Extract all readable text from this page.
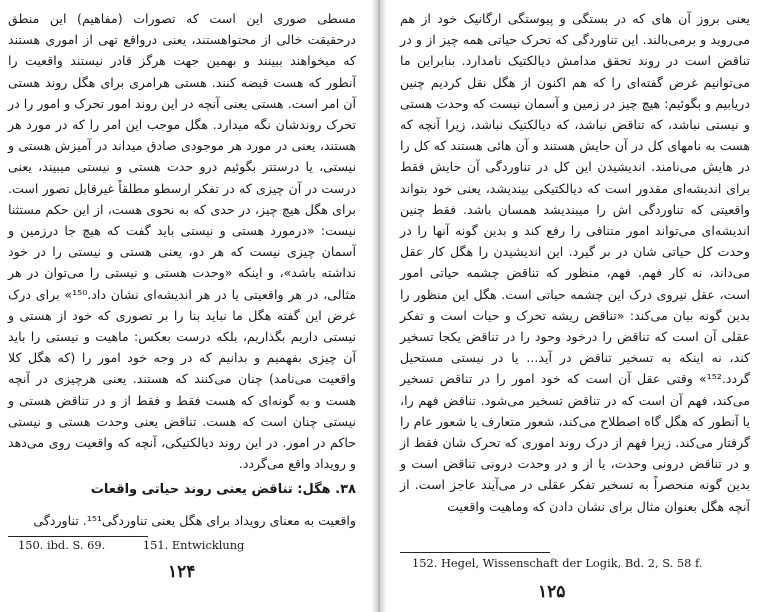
مسطی صوری این است که تصورات (مفاهیم) این منطق درحقیقت خالی از محتواهستند، یعنی درواقع تهی از اموری هستند که میخواهند ببینند و بهمین جهت هرگز قادر نیستند واقعیت را آنطور که هست قبضه کنند. هستی هرامری برای هگل روند هستی آن امر است. هستی یعنی آنچه در این روند امور تحرک و امور را در تحرک روندشان نگه میدارد. هگل موجب این امر را که در مورد هر هستند، یعنی در مورد هر موجودی صادق میداند در آمیزش هستی و نیستی، یا درستتر بگوئیم درو حدت هستی و نیستی میبیند، یعنی درست در آن چیزی که در تفکر ارسطو مطلقاً غیرقابل تصور است. برای هگل هیچ چیز، در حدی که به نحوی هست، از این حکم مستثنا نیست: «درمورد هستی و نیستی باید گفت که هیچ جا درزمین و آسمان چیزی نیست که هر دو، یعنی هستی و نیستی را در خود نداشته باشد»، و اینکه «وحدت هستی و نیستی را می‌توان در هر مثالی، در هر واقعیتی یا در هر اندیشه‌ای نشان داد.¹⁵⁰» برای درک غرض این گفته هگل ما نباید بنا را بر تصوری که خود از هستی و نیستی داریم بگذاریم، بلکه درست بعکس: ماهیت و نیستی را باید آن چیزی بفهمیم و بدانیم که در وجه خود امور را (که هگل کلا واقعیت می‌نامد) چنان می‌کنند که هستند. یعنی هرچیزی در آنچه هست و به گونه‌ای که هست فقط و فقط از و در تناقض هستی و نیستی چنان است که هست. تناقض یعنی وحدت هستی و نیستی حاکم در امور. در این روند دیالکتیکی، آنچه که واقعیت روی می‌دهد و رویداد واقع می‌گردد.

۳۸. هگل: تناقض یعنی روند حیاتی واقعات

واقعیت به معنای رویداد برای هگل یعنی تناوردگی¹⁵¹. تناوردگی

150. ibd. S. 69.	151. Entwicklung

۱۲۴

یعنی بروز آن های که در بستگی و پیوستگی ارگانیک خود از هم می‌روید و برمی‌بالند. این تناوردگی که تحرک حیاتی همه چیز از و در تناقض است در روند تحقق مدامش دیالکتیک نامدارد. بنابراین ما می‌توانیم غرض گفته‌ای را که هم اکنون از هگل نقل کردیم چنین دریابیم و بگوئیم: هیچ چیز در زمین و آسمان نیست که وحدت هستی و نیستی نباشد، که تناقض نباشد، که دیالکتیک نباشد، زیرا آنچه که هست به نامهای کل در آن حایش هستند و آن هائی هستند که کل را در هایش می‌نامند. اندیشیدن این کل در تناوردگی آن حایش فقط برای اندیشه‌ای مقدور است که دیالکتیکی بیندیشد، یعنی خود بتواند واقعیتی که تناوردگی اش را میبندیشد همسان باشد. فقط چنین اندیشه‌ای می‌تواند امور متنافی را رفع کند و بدین گونه آنها را در وحدت کل حیاتی شان در بر گیرد. این اندیشیدن را هگل کار عقل می‌داند، نه کار فهم. فهم، منظور که تناقض چشمه حیاتی امور است، عقل نیروی درک این چشمه حیاتی است. هگل این منظور را بدین گونه بیان می‌کند: «تناقض ریشه تحرک و حیات است و تفکر عقلی آن است که تناقض را درخود وحود را در تناقض یکجا تسخیر کند، نه اینکه به تسخیر تناقض در آید... یا در نیستی مستحیل گردد.¹⁵²» وقتی عقل آن است که خود امور را در تناقض تسخیر می‌کند، فهم آن است که در تناقض تسخیر می‌شود. تناقض فهم را، یا آنطور که هگل گاه اصطلاح می‌کند، شعور متعارف یا شعور عام را گرفتار می‌کند. زیرا فهم از درک روند اموری که تحرک شان فقط از و در تناقض درونی وحدت، یا از و در وحدت درونی تناقض است و بدین گونه منحصراً به تسخیر تفکر عقلی در می‌آیند عاجز است. از آنچه هگل بعنوان مثال برای نشان دادن که وماهیت واقعیت

152. Hegel, Wissenschaft der Logik, Bd. 2, S. 58 f.

۱۲۵
